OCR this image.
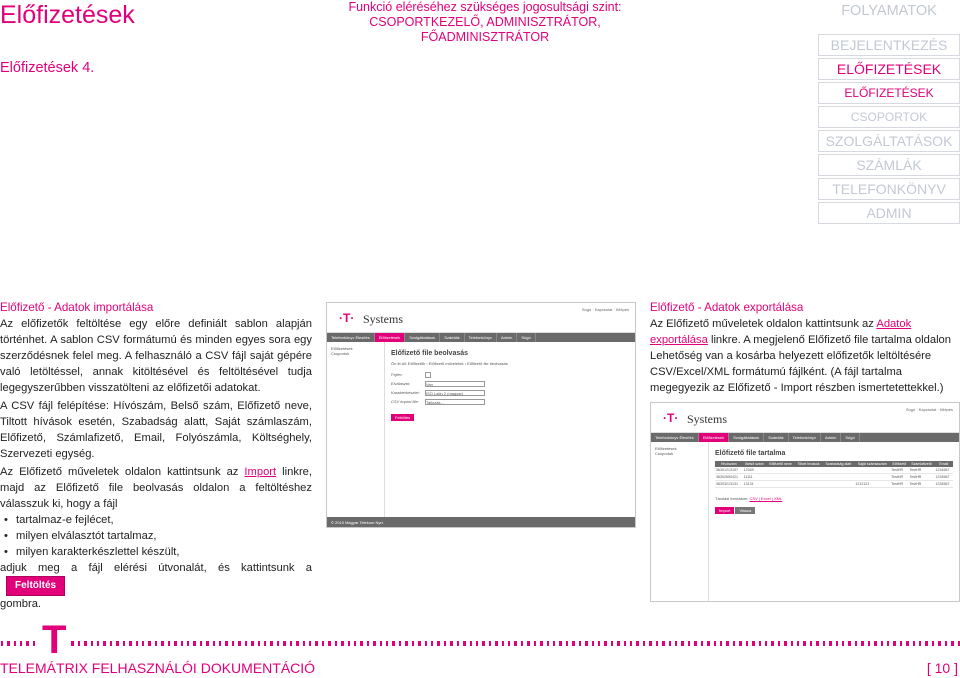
Előfizetések
Előfizetések 4.
Funkció eléréséhez szükséges jogosultsági szint:
CSOPORTKEZELŐ, ADMINISZTRÁTOR, FŐADMINISZTRÁTOR
FOLYAMATOK
BEJELENTKEZÉS
ELŐFIZETÉSEK
ELŐFIZETÉSEK
CSOPORTOK
SZOLGÁLTATÁSOK
SZÁMLÁK
TELEFONKÖNYV
ADMIN
Előfizető - Adatok importálása

Az előfizetők feltöltése egy előre definiált sablon alapján történhet. A sablon CSV formátumú és minden egyes sora egy szerződésnek felel meg. A felhasználó a CSV fájl saját gépére való letöltéssel, annak kitöltésével és feltöltésével tudja legegyszerűbben visszatölteni az előfizetői adatokat.

A CSV fájl felépítése: Hívószám, Belső szám, Előfizető neve, Tiltott hívások esetén, Szabadság alatt, Saját számlaszám, Előfizető, Számlafizető, Email, Folyószámla, Költséghely, Szervezeti egység.

Az Előfizető műveletek oldalon kattintsunk az Import linkre, majd az Előfizető file beolvasás oldalon a feltöltéshez válasszuk ki, hogy a fájl

• tartalmaz-e fejlécet,
• milyen elválasztót tartalmaz,
• milyen karakterkészlettel készült,

adjuk meg a fájl elérési útvonalát, és kattintsunk a Feltöltés
gombra.

·T· Systems
Súgó · Kapcsolat · Kilépés
Telefonkönyv Élesítés	Előfizetések	Szolgáltatások	Számlák	Telefonkönyv	Admin	Súgó
Előfizetések
Csoportok	Előfizető file beolvasás
Ön itt áll: Előfizetők › Előfizető műveletek › Előfizető file beolvasás
Fejléc:
Elválasztó:	Van
Karakterkészlet:	ISO Latin 2 (magyar)
CSV import file:	Tallózás...
Feltöltés
© 2010 Magyar Telekom Nyrt.
Előfizető - Adatok exportálása

Az Előfizető műveletek oldalon kattintsunk az Adatok exportálása linkre. A megjelenő Előfizető file tartalma oldalon Lehetőség van a kosárba helyezett előfizetők leltöltésére CSV/Excel/XML formátumú fájlként. (A fájl tartalma megegyezik az Előfizető - Import részben ismertetettekkel.)

·T· Systems
Súgó · Kapcsolat · Kilépés
Telefonkönyv Élesítés	Előfizetések	Szolgáltatások	Számlák	Telefonkönyv	Admin	Súgó
Előfizetések
Csoportok	Előfizető file tartalma
Hívószám	Belső szám	Előfizető neve	Tiltott hívások	Szabadság alatt	Saját számlaszám	Előfizető	Számlafizető	Email
36301213157	12345					TestHR	TestHR	1234567
36302650421	11111					TestHR	TestHR	1234567
36303213131	13131				1212121	TestHR	TestHR	1234567
Tárolási formátum: CSV | Excel | XML
Import Vissza
T
TELEMÁTRIX FELHASZNÁLÓI DOKUMENTÁCIÓ	[ 10 ]
